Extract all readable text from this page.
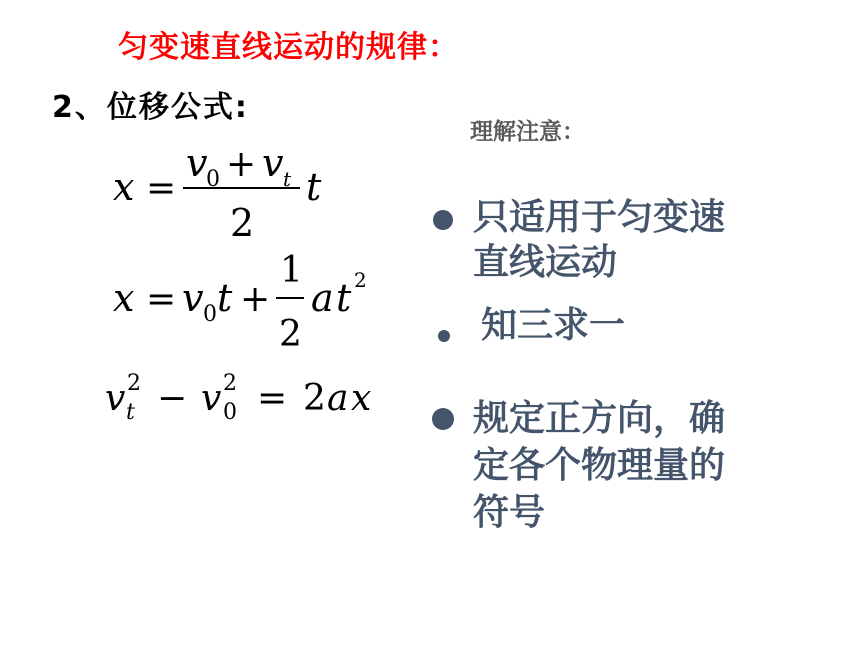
匀变速直线运动的规律：
2、位移公式:
x =
v
0 + v t
2
t
x = v 0 t +
1
2
a t 2
v 2
t − v 2
0 = 2 a x
理解注意：
只适用于匀变速
直线运动
知三求一
规定正方向，确
定各个物理量的
符号
